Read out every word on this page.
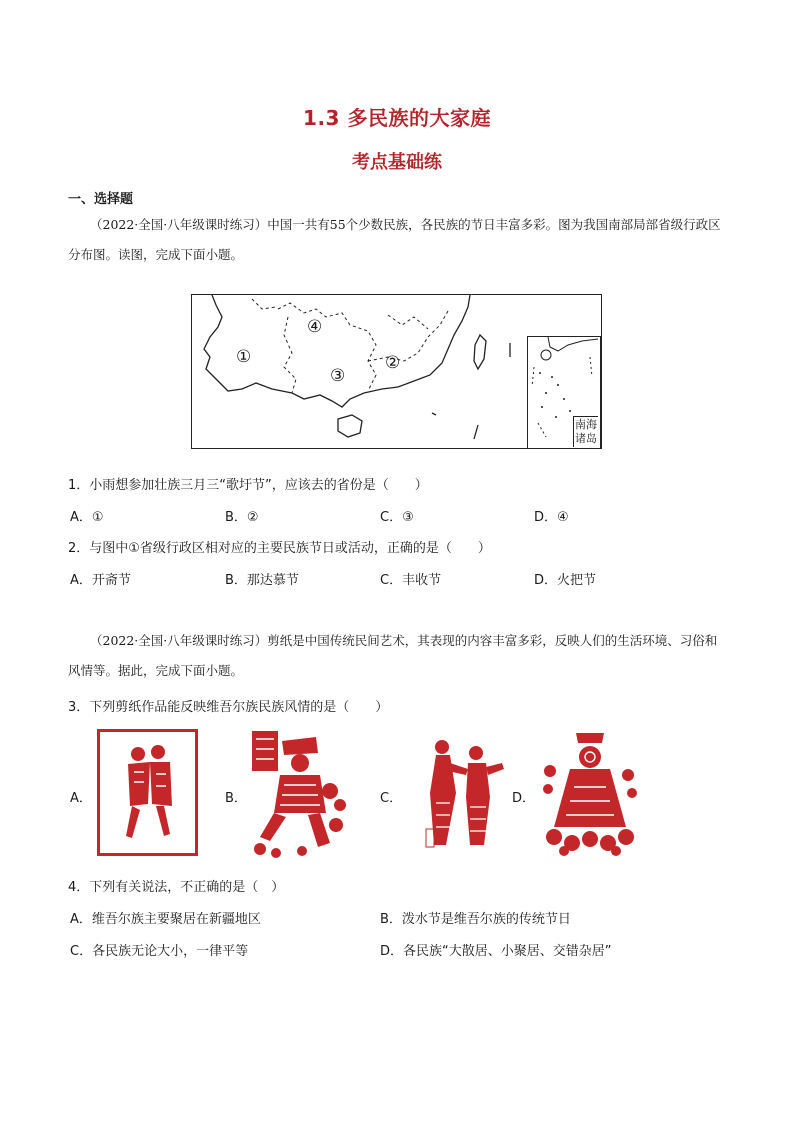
1.3 多民族的大家庭
考点基础练
一、选择题
（2022·全国·八年级课时练习）中国一共有55个少数民族，各民族的节日丰富多彩。图为我国南部局部省级行政区分布图。读图，完成下面小题。
①	②
③
④
南海
诸岛
1．小雨想参加壮族三月三“歌圩节”，应该去的省份是（　　）
A．①	B．②	C．③	D．④
2．与图中①省级行政区相对应的主要民族节日或活动，正确的是（　　）
A．开斋节	B．那达慕节	C．丰收节	D．火把节
（2022·全国·八年级课时练习）剪纸是中国传统民间艺术，其表现的内容丰富多彩，反映人们的生活环境、习俗和风情等。据此，完成下面小题。
3．下列剪纸作品能反映维吾尔族民族风情的是（　　）
A．	B．	C．	D．
4．下列有关说法，不正确的是（　）
A．维吾尔族主要聚居在新疆地区	B．泼水节是维吾尔族的传统节日
C．各民族无论大小，一律平等	D．各民族“大散居、小聚居、交错杂居”
